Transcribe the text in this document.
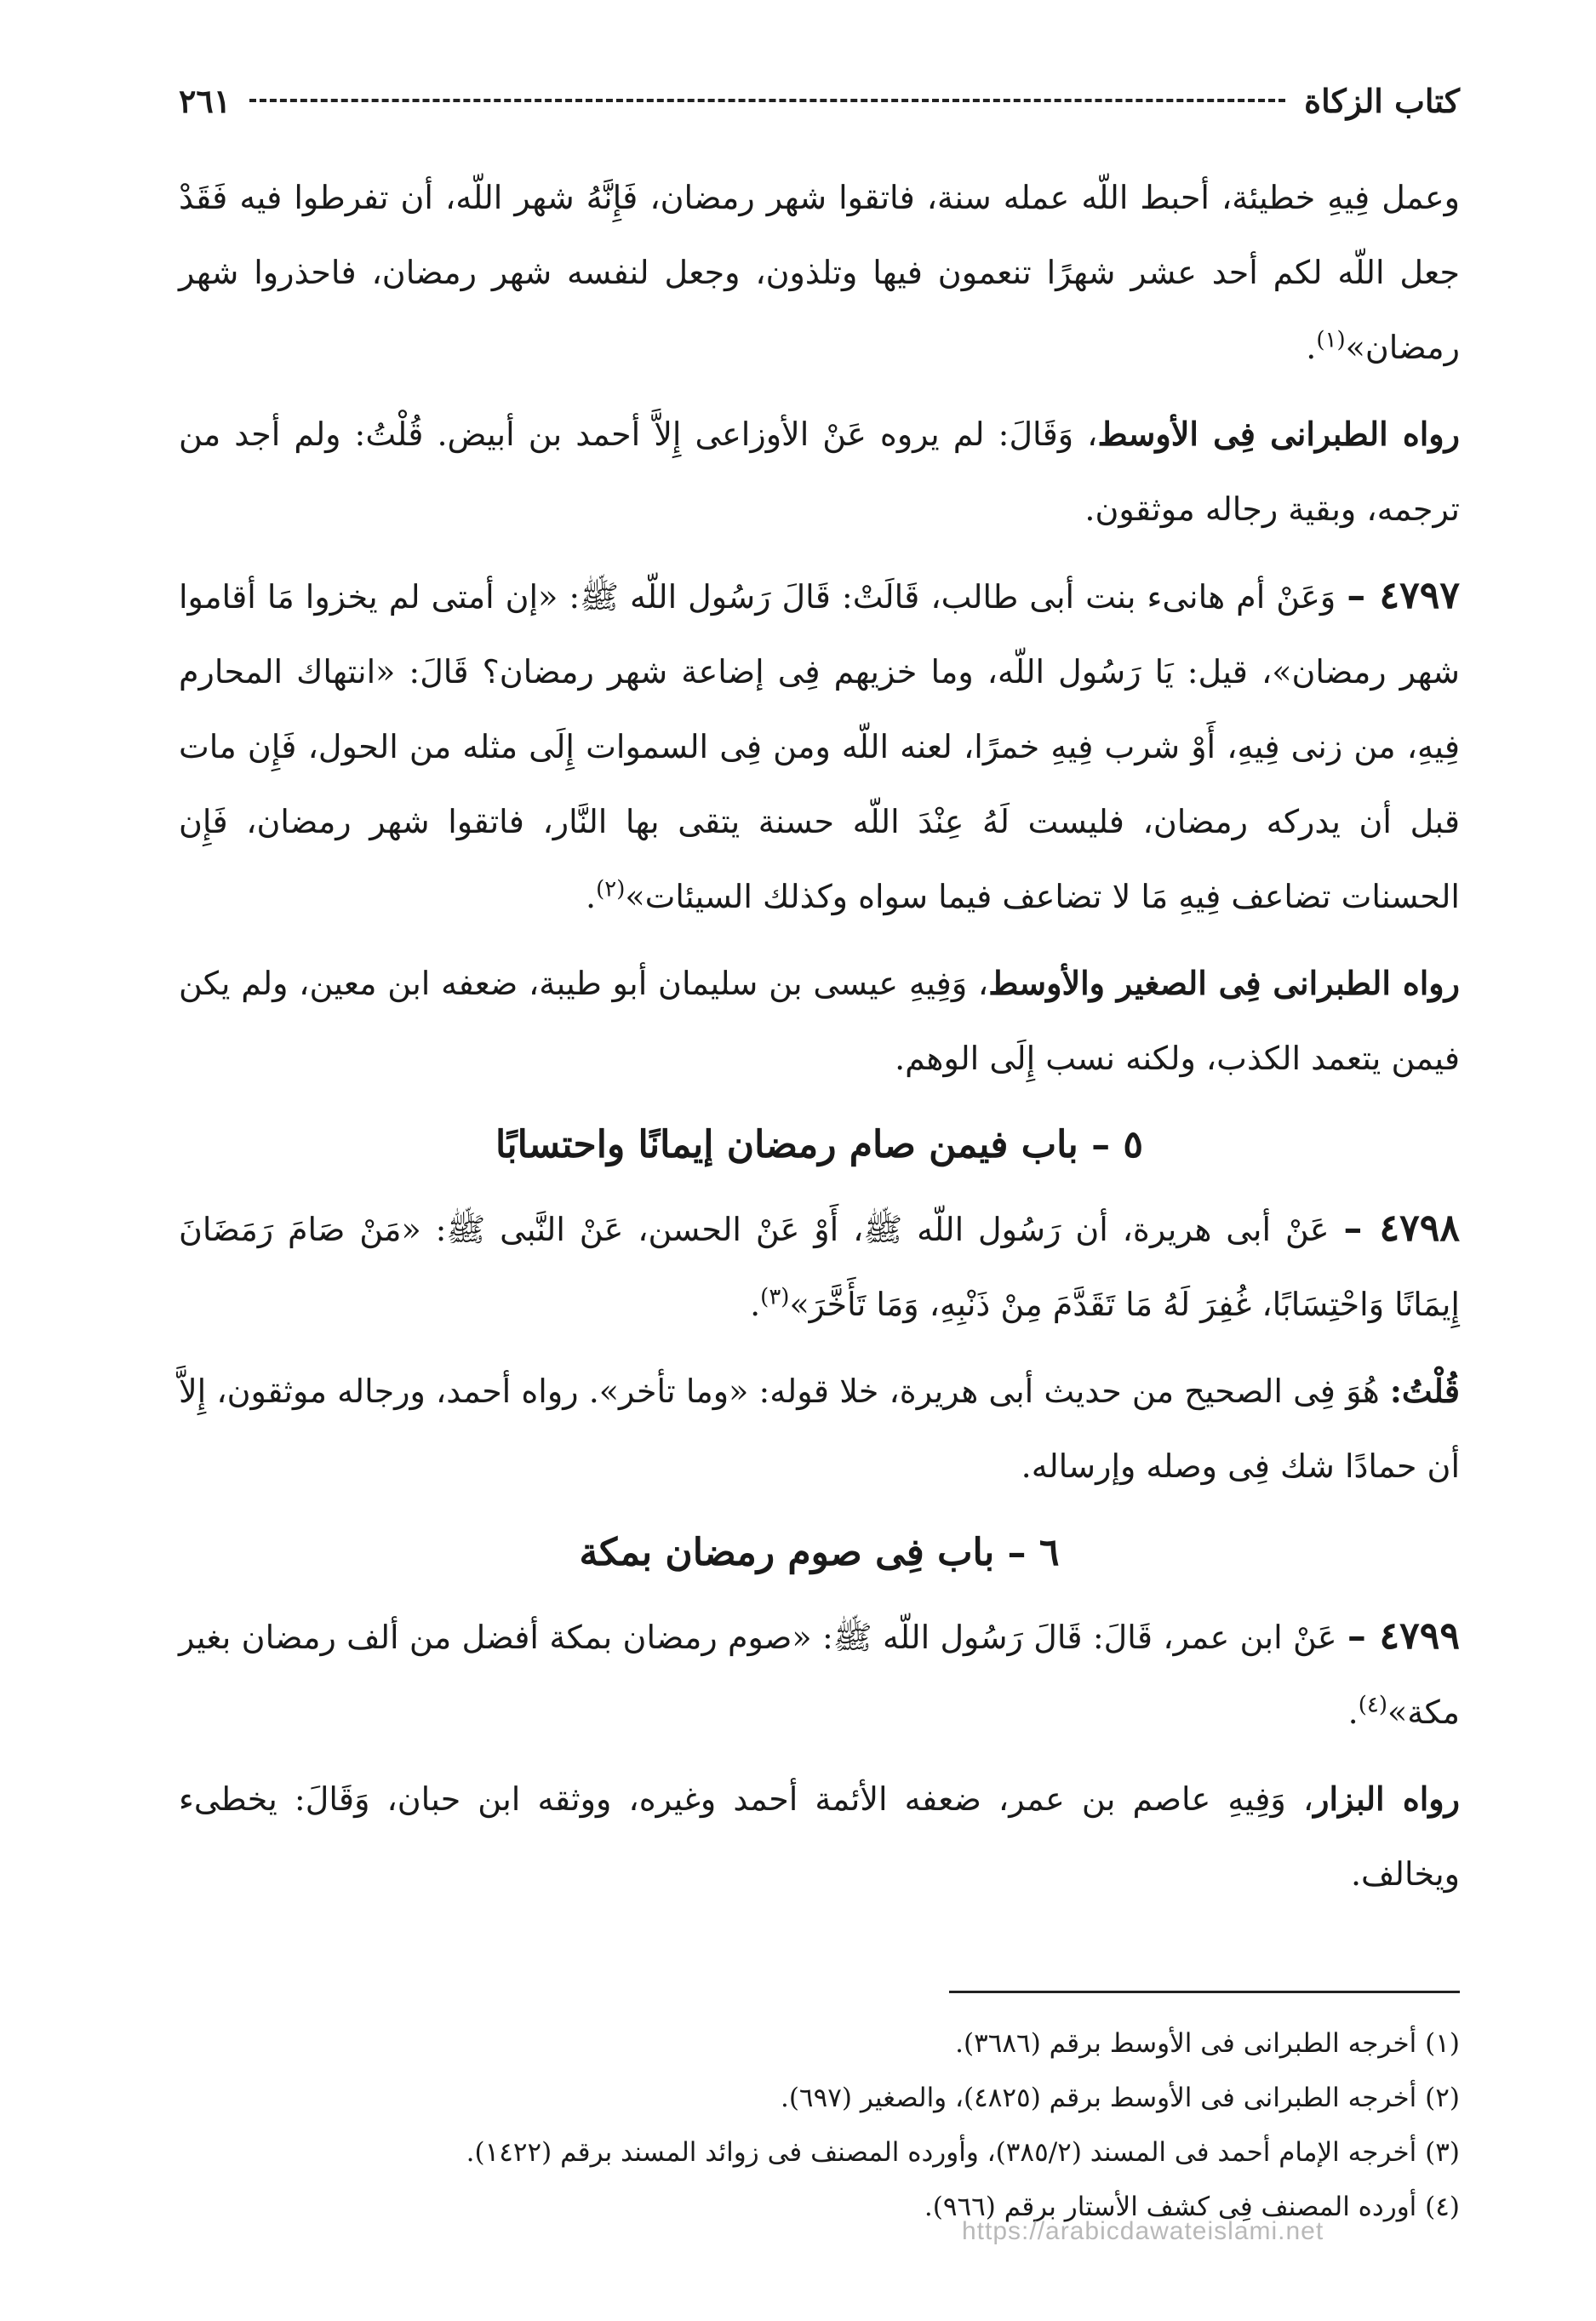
كتاب الزكاة
٢٦١

وعمل فِيهِ خطيئة، أحبط اللّه عمله سنة، فاتقوا شهر رمضان، فَإِنَّهُ شهر اللّه، أن تفرطوا فيه فَقَدْ جعل اللّه لكم أحد عشر شهرًا تنعمون فيها وتلذون، وجعل لنفسه شهر رمضان، فاحذروا شهر رمضان»$^{(١)}$.

رواه الطبرانى فِى الأوسط، وَقَالَ: لم يروه عَنْ الأوزاعى إِلاَّ أحمد بن أبيض. قُلْتُ: ولم أجد من ترجمه، وبقية رجاله موثقون.

٤٧٩٧ – وَعَنْ أم هانىء بنت أبى طالب، قَالَتْ: قَالَ رَسُول اللّه ﷺ: «إن أمتى لم يخزوا مَا أقاموا شهر رمضان»، قيل: يَا رَسُول اللّه، وما خزيهم فِى إضاعة شهر رمضان؟ قَالَ: «انتهاك المحارم فِيهِ، من زنى فِيهِ، أَوْ شرب فِيهِ خمرًا، لعنه اللّه ومن فِى السموات إِلَى مثله من الحول، فَإِن مات قبل أن يدركه رمضان، فليست لَهُ عِنْدَ اللّه حسنة يتقى بها النَّار، فاتقوا شهر رمضان، فَإِن الحسنات تضاعف فِيهِ مَا لا تضاعف فيما سواه وكذلك السيئات»$^{(٢)}$.

رواه الطبرانى فِى الصغير والأوسط، وَفِيهِ عيسى بن سليمان أبو طيبة، ضعفه ابن معين، ولم يكن فيمن يتعمد الكذب، ولكنه نسب إِلَى الوهم.

٥ – باب فيمن صام رمضان إيمانًا واحتسابًا

٤٧٩٨ – عَنْ أبى هريرة، أن رَسُول اللّه ﷺ، أَوْ عَنْ الحسن، عَنْ النَّبى ﷺ: «مَنْ صَامَ رَمَضَانَ إِيمَانًا وَاحْتِسَابًا، غُفِرَ لَهُ مَا تَقَدَّمَ مِنْ ذَنْبِهِ، وَمَا تَأَخَّرَ»$^{(٣)}$.

قُلْتُ: هُوَ فِى الصحيح من حديث أبى هريرة، خلا قوله: «وما تأخر». رواه أحمد، ورجاله موثقون، إِلاَّ أن حمادًا شك فِى وصله وإرساله.

٦ – باب فِى صوم رمضان بمكة

٤٧٩٩ – عَنْ ابن عمر، قَالَ: قَالَ رَسُول اللّه ﷺ: «صوم رمضان بمكة أفضل من ألف رمضان بغير مكة»$^{(٤)}$.

رواه البزار، وَفِيهِ عاصم بن عمر، ضعفه الأئمة أحمد وغيره، ووثقه ابن حبان، وَقَالَ: يخطىء ويخالف.

(١) أخرجه الطبرانى فى الأوسط برقم (٣٦٨٦).

(٢) أخرجه الطبرانى فى الأوسط برقم (٤٨٢٥)، والصغير (٦٩٧).

(٣) أخرجه الإمام أحمد فى المسند (٣٨٥/٢)، وأورده المصنف فى زوائد المسند برقم (١٤٢٢).

(٤) أورده المصنف فِى كشف الأستار برقم (٩٦٦).

https://arabicdawateislami.net
